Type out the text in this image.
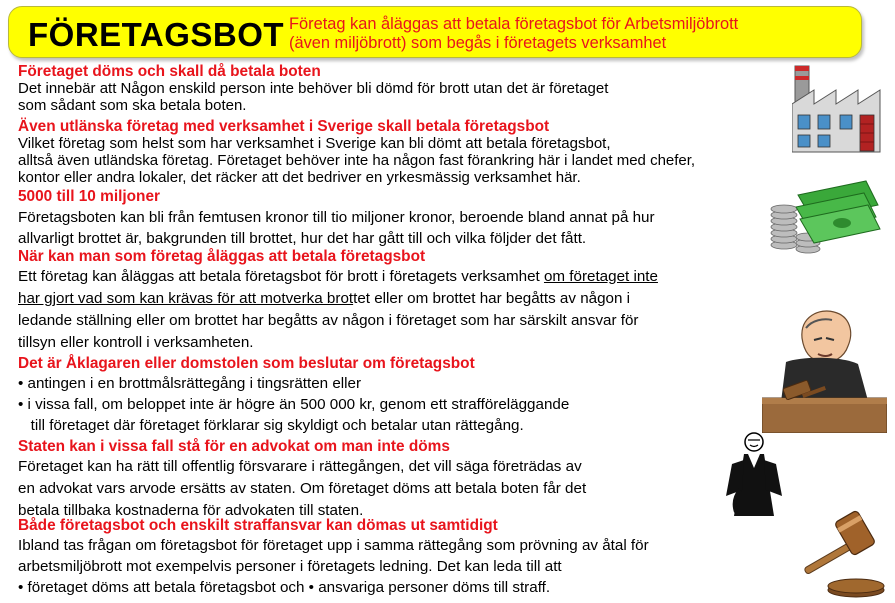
FÖRETAGSBOT Företag kan åläggas att betala företagsbot för Arbetsmiljöbrott
(även miljöbrott) som begås i företagets verksamhet
Företaget döms och skall då betala boten
Det innebär att Någon enskild person inte behöver bli dömd för brott utan det är företaget
som sådant som ska betala boten.
Även utlänska företag med verksamhet i Sverige skall betala företagsbot
Vilket företag som helst som har verksamhet i Sverige kan bli dömt att betala företagsbot,
alltså även utländska företag. Företaget behöver inte ha någon fast förankring här i landet med chefer,
kontor eller andra lokaler, det räcker att det bedriver en yrkesmässig verksamhet här.
5000 till 10 miljoner
Företagsboten kan bli från femtusen kronor till tio miljoner kronor, beroende bland annat på hur
allvarligt brottet är, bakgrunden till brottet, hur det har gått till och vilka följder det fått.
När kan man som företag åläggas att betala företagsbot
Ett företag kan åläggas att betala företagsbot för brott i företagets verksamhet om företaget inte
har gjort vad som kan krävas för att motverka brottet eller om brottet har begåtts av någon i
ledande ställning eller om brottet har begåtts av någon i företaget som har särskilt ansvar för
tillsyn eller kontroll i verksamheten.
Det är Åklagaren eller domstolen som beslutar om företagsbot
• antingen i en brottmålsrättegång i tingsrätten eller
• i vissa fall, om beloppet inte är högre än 500 000 kr, genom ett strafföreläggande
till företaget där företaget förklarar sig skyldigt och betalar utan rättegång.
Staten kan i vissa fall stå för en advokat om man inte döms
Företaget kan ha rätt till offentlig försvarare i rättegången, det vill säga företrädas av
en advokat vars arvode ersätts av staten. Om företaget döms att betala boten får det
betala tillbaka kostnaderna för advokaten till staten.
Både företagsbot och enskilt straffansvar kan dömas ut samtidigt
Ibland tas frågan om företagsbot för företaget upp i samma rättegång som prövning av åtal för
arbetsmiljöbrott mot exempelvis personer i företagets ledning. Det kan leda till att
• företaget döms att betala företagsbot och • ansvariga personer döms till straff.
